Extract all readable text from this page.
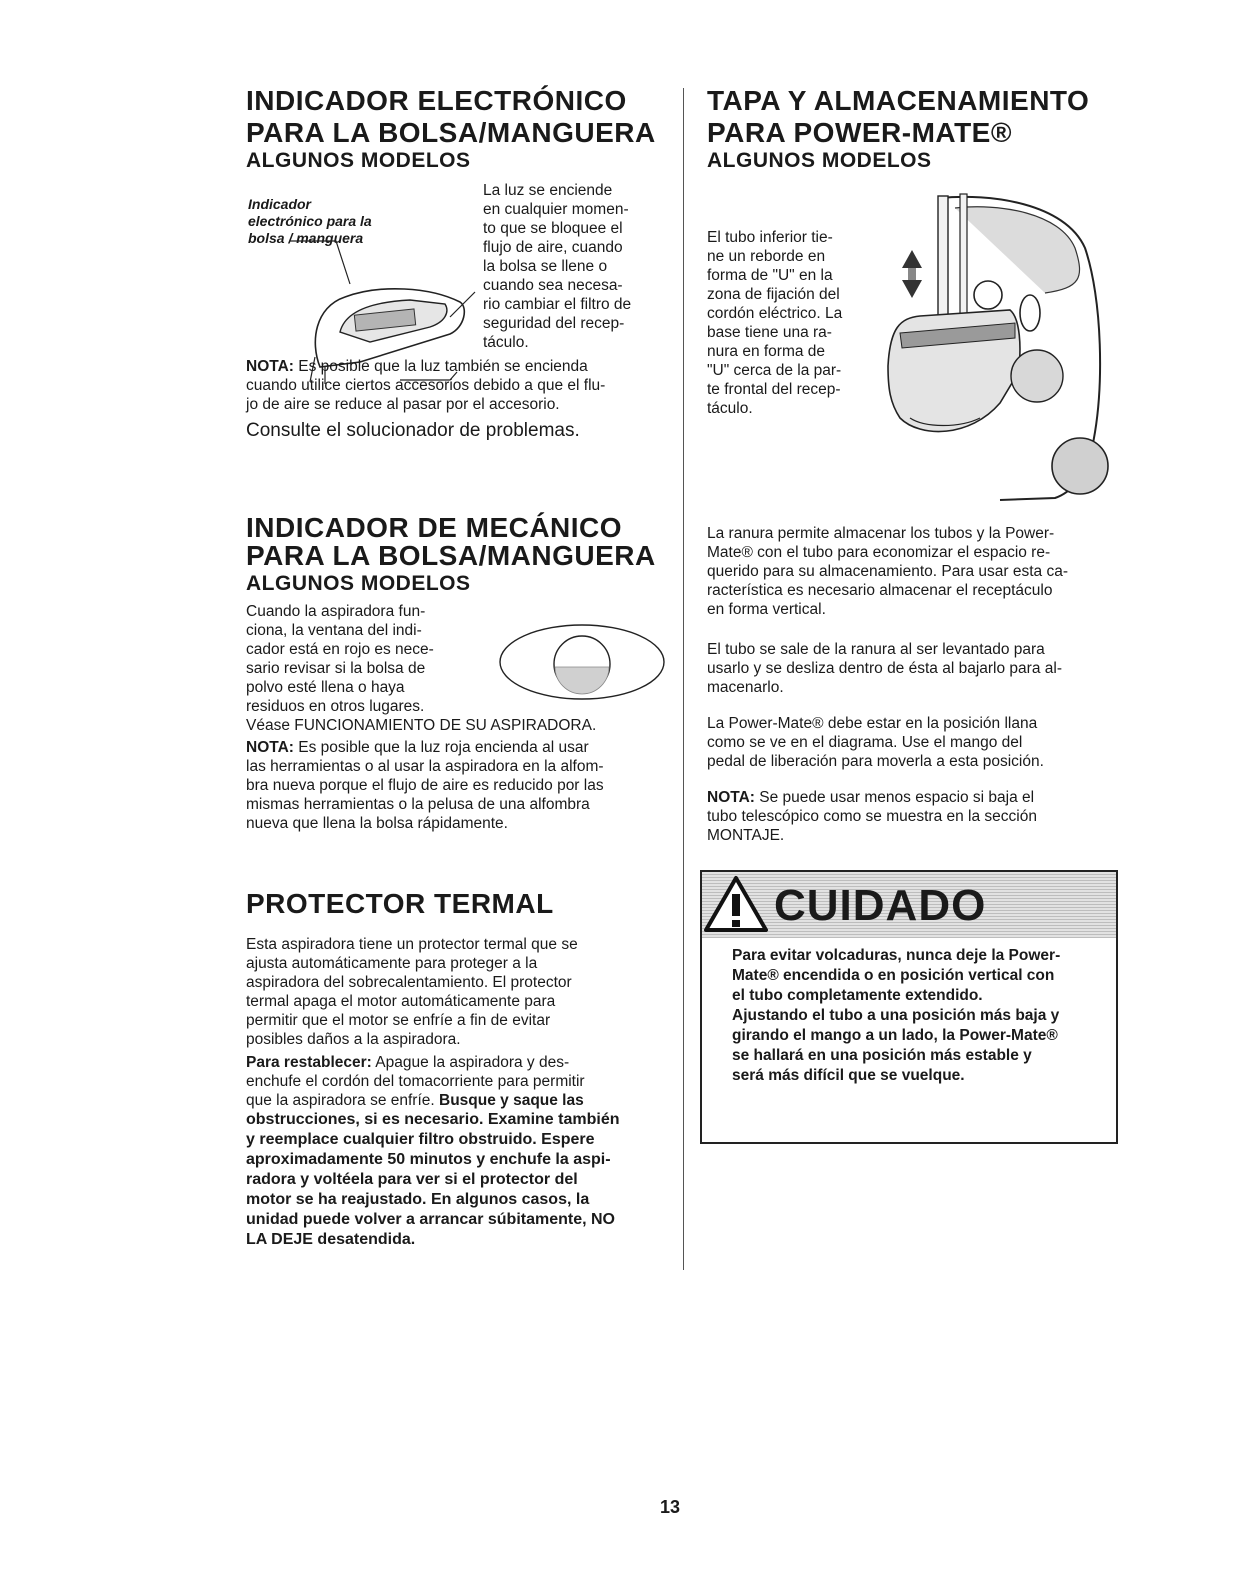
INDICADOR ELECTRÓNICO
PARA LA BOLSA/MANGUERA
ALGUNOS MODELOS
Indicador
electrónico para la
bolsa / manguera

La luz se enciende

en cualquier momen-

to que se bloquee el

flujo de aire, cuando

la bolsa se llene o

cuando sea necesa-

rio cambiar el filtro de

seguridad del recep-

táculo.

NOTA: Es posible que la luz también se encienda

cuando utilice ciertos accesorios debido a que el flu-

jo de aire se reduce al pasar por el accesorio.

Consulte el solucionador de problemas.

INDICADOR DE MECÁNICO
PARA LA BOLSA/MANGUERA
ALGUNOS MODELOS

Cuando la aspiradora fun-

ciona, la ventana del indi-

cador está en rojo es nece-

sario revisar si la bolsa de

polvo esté llena o haya

residuos en otros lugares.

Véase FUNCIONAMIENTO DE SU ASPIRADORA.

NOTA: Es posible que la luz roja encienda al usar

las herramientas o al usar la aspiradora en la alfom-

bra nueva porque el flujo de aire es reducido por las

mismas herramientas o la pelusa de una alfombra

nueva que llena la bolsa rápidamente.

PROTECTOR TERMAL

Esta aspiradora tiene un protector termal que se

ajusta automáticamente para proteger a la

aspiradora del sobrecalentamiento. El protector

termal apaga el motor automáticamente para

permitir que el motor se enfríe a fin de evitar

posibles daños a la aspiradora.

Para restablecer: Apague la aspiradora y des-

enchufe el cordón del tomacorriente para permitir

que la aspiradora se enfríe. Busque y saque las

obstrucciones, si es necesario. Examine también

y reemplace cualquier filtro obstruido. Espere

aproximadamente 50 minutos y enchufe la aspi-

radora y voltéela para ver si el protector del

motor se ha reajustado. En algunos casos, la

unidad puede volver a arrancar súbitamente, NO

LA DEJE desatendida.

TAPA Y ALMACENAMIENTO
PARA POWER-MATE®
ALGUNOS MODELOS

El tubo inferior tie-

ne un reborde en

forma de "U" en la

zona de fijación del

cordón eléctrico. La

base tiene una ra-

nura en forma de

"U" cerca de la par-

te frontal del recep-

táculo.

La ranura permite almacenar los tubos y la Power-

Mate® con el tubo para economizar el espacio re-

querido para su almacenamiento. Para usar esta ca-

racterística es necesario almacenar el receptáculo

en forma vertical.

El tubo se sale de la ranura al ser levantado para

usarlo y se desliza dentro de ésta al bajarlo para al-

macenarlo.

La Power-Mate® debe estar en la posición llana

como se ve en el diagrama. Use el mango del

pedal de liberación para moverla a esta posición.

NOTA: Se puede usar menos espacio si baja el

tubo telescópico como se muestra en la sección

MONTAJE.

CUIDADO
Para evitar volcaduras, nunca deje la Power-
Mate® encendida o en posición vertical con
el tubo completamente extendido.
Ajustando el tubo a una posición más baja y
girando el mango a un lado, la Power-Mate®
se hallará en una posición más estable y
será más difícil que se vuelque.
13
